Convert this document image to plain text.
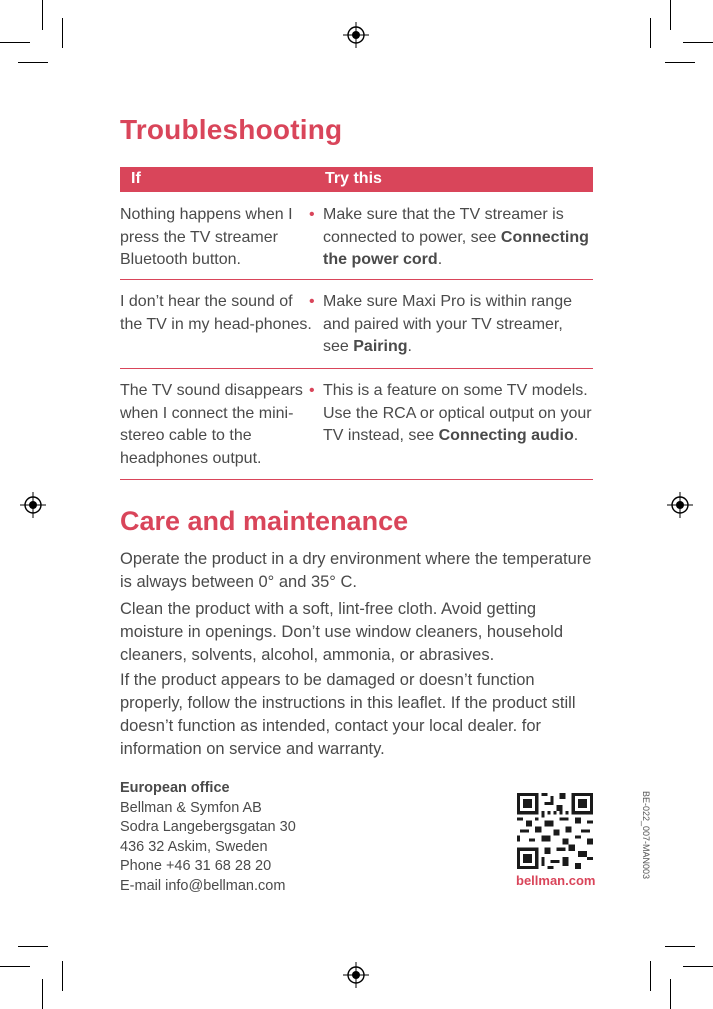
Troubleshooting
If	Try this
Nothing happens when I press the TV streamer Bluetooth button.
• Make sure that the TV streamer is connected to power, see Connecting the power cord.
I don’t hear the sound of the TV in my head-phones.
• Make sure Maxi Pro is within range and paired with your TV streamer, see Pairing.
The TV sound disappears when I connect the mini-stereo cable to the headphones output.
• This is a feature on some TV models. Use the RCA or optical output on your TV instead, see Connecting audio.
Care and maintenance

Operate the product in a dry environment where the temperature is always between 0° and 35° C.

Clean the product with a soft, lint-free cloth. Avoid getting moisture in openings. Don’t use window cleaners, household cleaners, solvents, alcohol, ammonia, or abrasives.

If the product appears to be damaged or doesn’t function properly, follow the instructions in this leaflet. If the product still doesn’t function as intended, contact your local dealer. for information on service and warranty.

European office
Bellman & Symfon AB
Sodra Langebergsgatan 30
436 32 Askim, Sweden
Phone +46 31 68 28 20
E-mail info@bellman.com
BE-022_007-MAN003
bellman.com
